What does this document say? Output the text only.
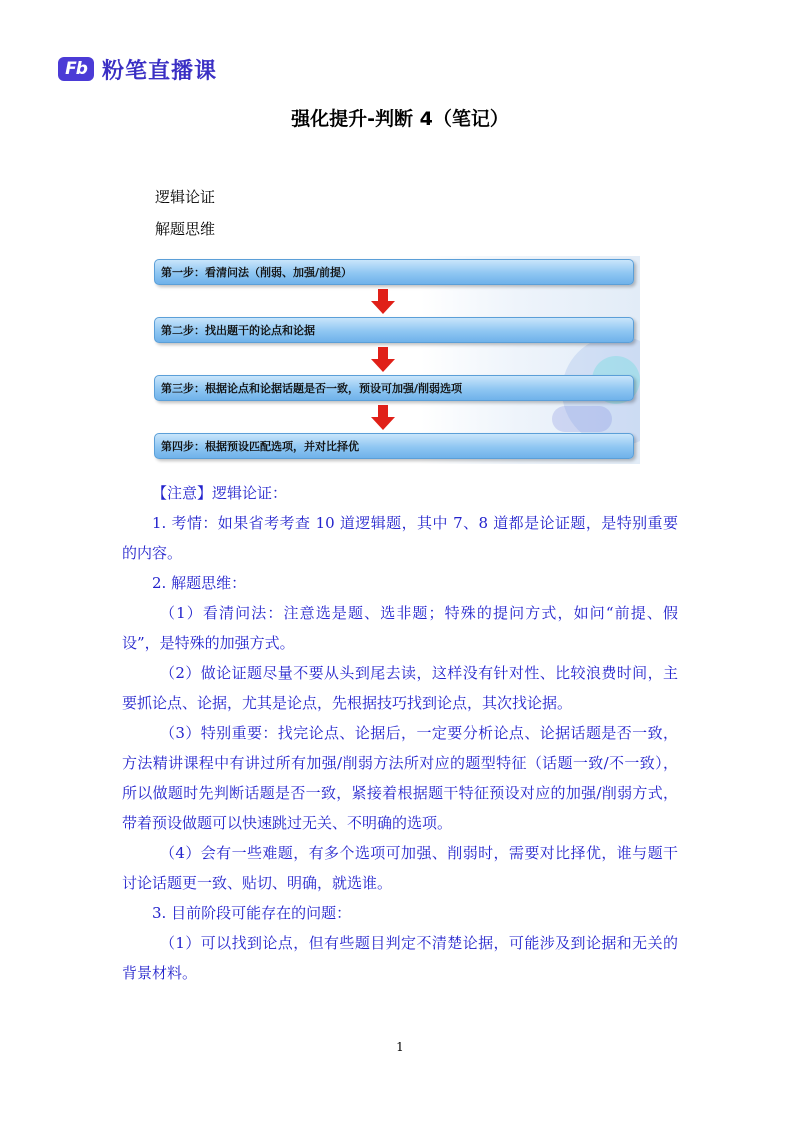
Fb 粉笔直播课
强化提升-判断 4（笔记）
逻辑论证
解题思维
第一步：看清问法（削弱、加强/前提）
第二步：找出题干的论点和论据
第三步：根据论点和论据话题是否一致，预设可加强/削弱选项
第四步：根据预设匹配选项，并对比择优

【注意】逻辑论证：

1. 考情：如果省考考查 10 道逻辑题，其中 7、8 道都是论证题，是特别重要的内容。

2. 解题思维：

（1）看清问法：注意选是题、选非题；特殊的提问方式，如问“前提、假设”，是特殊的加强方式。

（2）做论证题尽量不要从头到尾去读，这样没有针对性、比较浪费时间，主要抓论点、论据，尤其是论点，先根据技巧找到论点，其次找论据。

（3）特别重要：找完论点、论据后，一定要分析论点、论据话题是否一致，方法精讲课程中有讲过所有加强/削弱方法所对应的题型特征（话题一致/不一致），所以做题时先判断话题是否一致，紧接着根据题干特征预设对应的加强/削弱方式，带着预设做题可以快速跳过无关、不明确的选项。

（4）会有一些难题，有多个选项可加强、削弱时，需要对比择优，谁与题干讨论话题更一致、贴切、明确，就选谁。

3. 目前阶段可能存在的问题：

（1）可以找到论点，但有些题目判定不清楚论据，可能涉及到论据和无关的背景材料。

1
